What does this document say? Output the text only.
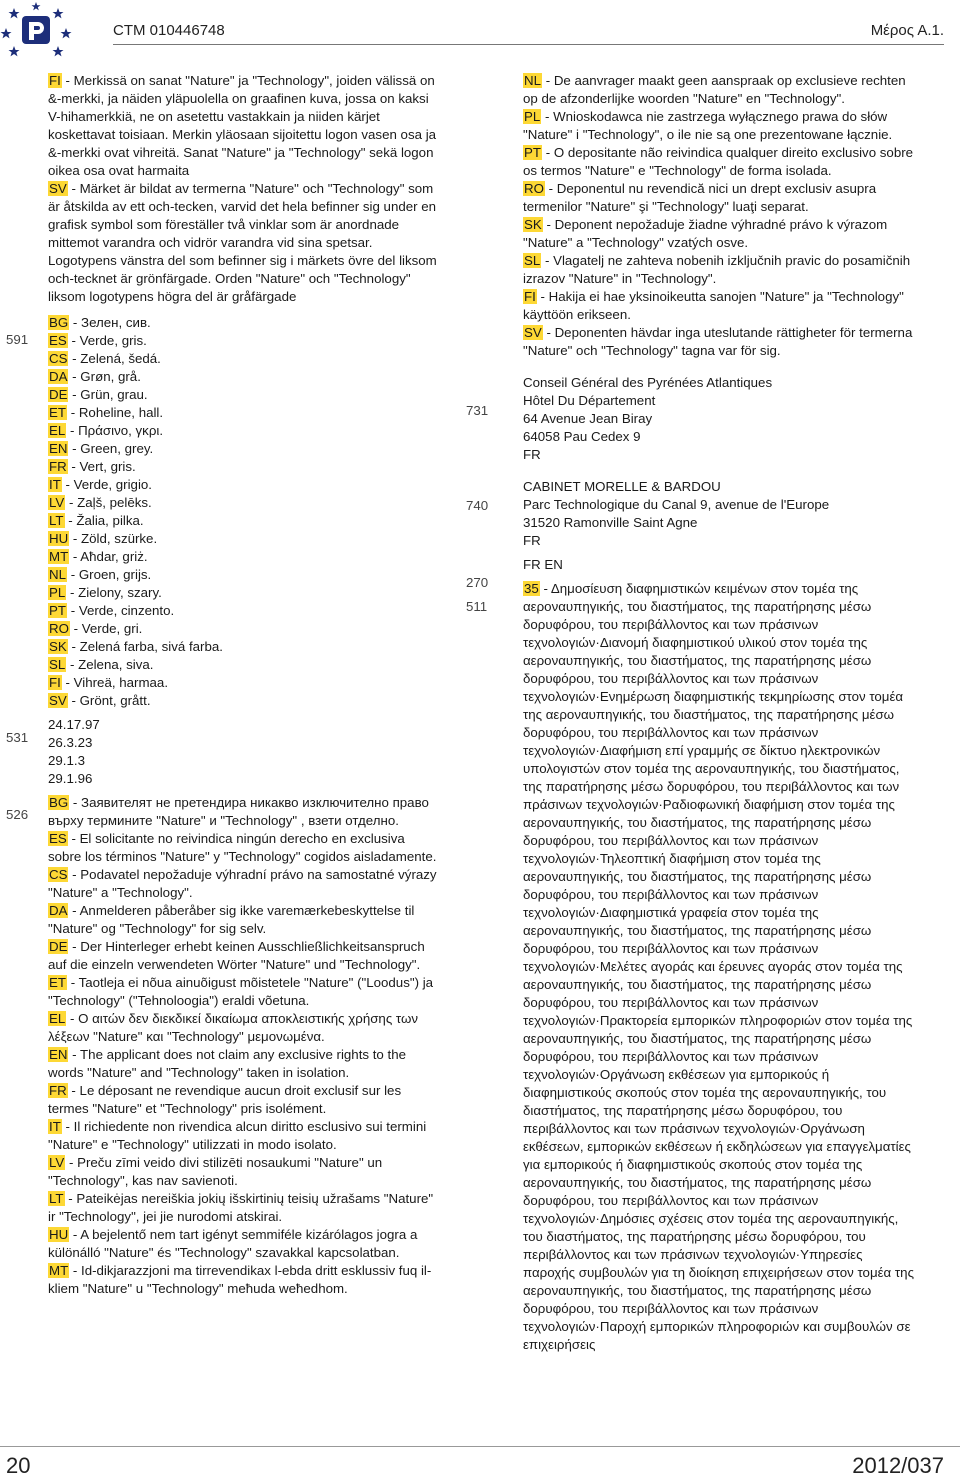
CTM 010446748	Μέρος Α.1.
591
531
526

FI - Merkissä on sanat "Nature" ja "Technology", joiden välissä on &-merkki, ja näiden yläpuolella on graafinen kuva, jossa on kaksi V-hihamerkkiä, ne on asetettu vastakkain ja niiden kärjet koskettavat toisiaan. Merkin yläosaan sijoitettu logon vasen osa ja &-merkki ovat vihreitä. Sanat "Nature" ja "Technology" sekä logon oikea osa ovat harmaita

SV - Märket är bildat av termerna "Nature" och "Technology" som är åtskilda av ett och-tecken, varvid det hela befinner sig under en grafisk symbol som föreställer två vinklar som är anordnade mittemot varandra och vidrör varandra vid sina spetsar. Logotypens vänstra del som befinner sig i märkets övre del liksom och-tecknet är grönfärgade. Orden "Nature" och "Technology" liksom logotypens högra del är gråfärgade

BG - Зелен, сив.

ES - Verde, gris.

CS - Zelená, šedá.

DA - Grøn, grå.

DE - Grün, grau.

ET - Roheline, hall.

EL - Πράσινο, γκρι.

EN - Green, grey.

FR - Vert, gris.

IT - Verde, grigio.

LV - Zaļš, pelēks.

LT - Žalia, pilka.

HU - Zöld, szürke.

MT - Aħdar, griż.

NL - Groen, grijs.

PL - Zielony, szary.

PT - Verde, cinzento.

RO - Verde, gri.

SK - Zelená farba, sivá farba.

SL - Zelena, siva.

FI - Vihreä, harmaa.

SV - Grönt, grått.

24.17.97

26.3.23

29.1.3

29.1.96

BG - Заявителят не претендира никакво изключително право върху термините "Nature" и "Technology" , взети отделно.

ES - El solicitante no reivindica ningún derecho en exclusiva sobre los términos "Nature" y "Technology" cogidos aisladamente.

CS - Podavatel nepožaduje výhradní právo na samostatné výrazy "Nature" a "Technology".

DA - Anmelderen påberåber sig ikke varemærkebeskyttelse til "Nature" og "Technology" for sig selv.

DE - Der Hinterleger erhebt keinen Ausschließlichkeitsanspruch auf die einzeln verwendeten Wörter "Nature" und "Technology".

ET - Taotleja ei nõua ainuõigust mõistetele "Nature" ("Loodus") ja "Technology" ("Tehnoloogia") eraldi võetuna.

EL - Ο αιτών δεν διεκδικεί δικαίωμα αποκλειστικής χρήσης των λέξεων "Nature" και "Technology" μεμονωμένα.

EN - The applicant does not claim any exclusive rights to the words "Nature" and "Technology" taken in isolation.

FR - Le déposant ne revendique aucun droit exclusif sur les termes "Nature" et "Technology" pris isolément.

IT - Il richiedente non rivendica alcun diritto esclusivo sui termini "Nature" e "Technology" utilizzati in modo isolato.

LV - Preču zīmi veido divi stilizēti nosaukumi "Nature" un "Technology", kas nav savienoti.

LT - Pateikėjas nereiškia jokių išskirtinių teisių užrašams "Nature" ir "Technology", jei jie nurodomi atskirai.

HU - A bejelentő nem tart igényt semmiféle kizárólagos jogra a különálló "Nature" és "Technology" szavakkal kapcsolatban.

MT - Id-dikjarazzjoni ma tirrevendikax l-ebda dritt esklussiv fuq il-kliem "Nature" u "Technology" meħuda weħedhom.

731
740
270
511

NL - De aanvrager maakt geen aanspraak op exclusieve rechten op de afzonderlijke woorden "Nature" en "Technology".

PL - Wnioskodawca nie zastrzega wyłącznego prawa do słów "Nature" i "Technology", o ile nie są one prezentowane łącznie.

PT - O depositante não reivindica qualquer direito exclusivo sobre os termos "Nature" e "Technology" de forma isolada.

RO - Deponentul nu revendică nici un drept exclusiv asupra termenilor "Nature" şi "Technology" luaţi separat.

SK - Deponent nepožaduje žiadne výhradné právo k výrazom "Nature" a "Technology" vzatých osve.

SL - Vlagatelj ne zahteva nobenih izključnih pravic do posamičnih izrazov "Nature" in "Technology".

FI - Hakija ei hae yksinoikeutta sanojen "Nature" ja "Technology" käyttöön erikseen.

SV - Deponenten hävdar inga uteslutande rättigheter för termerna "Nature" och "Technology" tagna var för sig.

Conseil Général des Pyrénées Atlantiques

Hôtel Du Département

64 Avenue Jean Biray

64058 Pau Cedex 9

FR

CABINET MORELLE & BARDOU

Parc Technologique du Canal 9, avenue de l'Europe

31520 Ramonville Saint Agne

FR

FR EN

35 - Δημοσίευση διαφημιστικών κειμένων στον τομέα της αεροναυπηγικής, του διαστήματος, της παρατήρησης μέσω δορυφόρου, του περιβάλλοντος και των πράσινων τεχνολογιών·Διανομή διαφημιστικού υλικού στον τομέα της αεροναυπηγικής, του διαστήματος, της παρατήρησης μέσω δορυφόρου, του περιβάλλοντος και των πράσινων τεχνολογιών·Ενημέρωση διαφημιστικής τεκμηρίωσης στον τομέα της αεροναυπηγικής, του διαστήματος, της παρατήρησης μέσω δορυφόρου, του περιβάλλοντος και των πράσινων τεχνολογιών·Διαφήμιση επί γραμμής σε δίκτυο ηλεκτρονικών υπολογιστών στον τομέα της αεροναυπηγικής, του διαστήματος, της παρατήρησης μέσω δορυφόρου, του περιβάλλοντος και των πράσινων τεχνολογιών·Ραδιοφωνική διαφήμιση στον τομέα της αεροναυπηγικής, του διαστήματος, της παρατήρησης μέσω δορυφόρου, του περιβάλλοντος και των πράσινων τεχνολογιών·Τηλεοπτική διαφήμιση στον τομέα της αεροναυπηγικής, του διαστήματος, της παρατήρησης μέσω δορυφόρου, του περιβάλλοντος και των πράσινων τεχνολογιών·Διαφημιστικά γραφεία στον τομέα της αεροναυπηγικής, του διαστήματος, της παρατήρησης μέσω δορυφόρου, του περιβάλλοντος και των πράσινων τεχνολογιών·Μελέτες αγοράς και έρευνες αγοράς στον τομέα της αεροναυπηγικής, του διαστήματος, της παρατήρησης μέσω δορυφόρου, του περιβάλλοντος και των πράσινων τεχνολογιών·Πρακτορεία εμπορικών πληροφοριών στον τομέα της αεροναυπηγικής, του διαστήματος, της παρατήρησης μέσω δορυφόρου, του περιβάλλοντος και των πράσινων τεχνολογιών·Οργάνωση εκθέσεων για εμπορικούς ή διαφημιστικούς σκοπούς στον τομέα της αεροναυπηγικής, του διαστήματος, της παρατήρησης μέσω δορυφόρου, του περιβάλλοντος και των πράσινων τεχνολογιών·Οργάνωση εκθέσεων, εμπορικών εκθέσεων ή εκδηλώσεων για επαγγελματίες για εμπορικούς ή διαφημιστικούς σκοπούς στον τομέα της αεροναυπηγικής, του διαστήματος, της παρατήρησης μέσω δορυφόρου, του περιβάλλοντος και των πράσινων τεχνολογιών·Δημόσιες σχέσεις στον τομέα της αεροναυπηγικής, του διαστήματος, της παρατήρησης μέσω δορυφόρου, του περιβάλλοντος και των πράσινων τεχνολογιών·Υπηρεσίες παροχής συμβουλών για τη διοίκηση επιχειρήσεων στον τομέα της αεροναυπηγικής, του διαστήματος, της παρατήρησης μέσω δορυφόρου, του περιβάλλοντος και των πράσινων τεχνολογιών·Παροχή εμπορικών πληροφοριών και συμβουλών σε επιχειρήσεις

20	2012/037
